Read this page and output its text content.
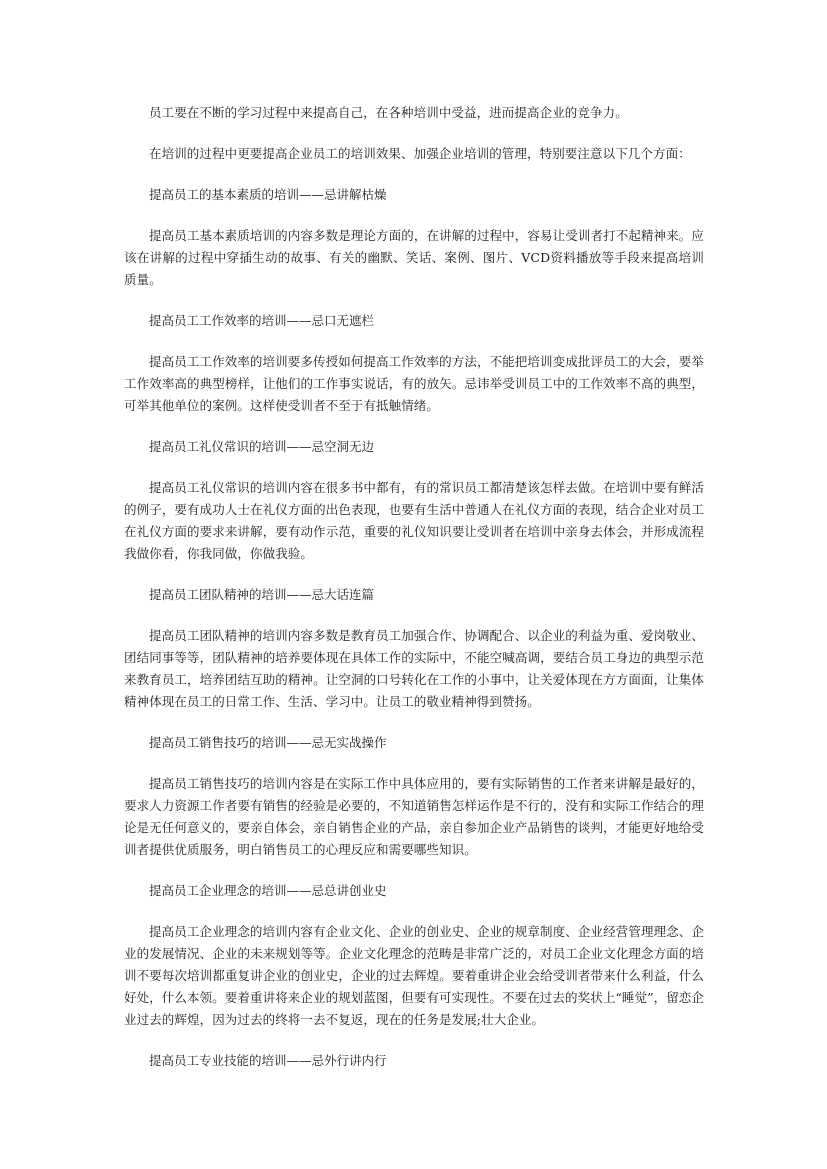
员工要在不断的学习过程中来提高自己，在各种培训中受益，进而提高企业的竞争力。

在培训的过程中更要提高企业员工的培训效果、加强企业培训的管理，特别要注意以下几个方面：

提高员工的基本素质的培训——忌讲解枯燥

提高员工基本素质培训的内容多数是理论方面的，在讲解的过程中，容易让受训者打不起精神来。应该在讲解的过程中穿插生动的故事、有关的幽默、笑话、案例、图片、VCD资料播放等手段来提高培训质量。

提高员工工作效率的培训——忌口无遮栏

提高员工工作效率的培训要多传授如何提高工作效率的方法，不能把培训变成批评员工的大会，要举工作效率高的典型榜样，让他们的工作事实说话，有的放矢。忌讳举受训员工中的工作效率不高的典型，可举其他单位的案例。这样使受训者不至于有抵触情绪。

提高员工礼仪常识的培训——忌空洞无边

提高员工礼仪常识的培训内容在很多书中都有，有的常识员工都清楚该怎样去做。在培训中要有鲜活的例子，要有成功人士在礼仪方面的出色表现，也要有生活中普通人在礼仪方面的表现，结合企业对员工在礼仪方面的要求来讲解，要有动作示范，重要的礼仪知识要让受训者在培训中亲身去体会，并形成流程我做你看，你我同做，你做我验。

提高员工团队精神的培训——忌大话连篇

提高员工团队精神的培训内容多数是教育员工加强合作、协调配合、以企业的利益为重、爱岗敬业、团结同事等等，团队精神的培养要体现在具体工作的实际中，不能空喊高调，要结合员工身边的典型示范来教育员工，培养团结互助的精神。让空洞的口号转化在工作的小事中，让关爱体现在方方面面，让集体精神体现在员工的日常工作、生活、学习中。让员工的敬业精神得到赞扬。

提高员工销售技巧的培训——忌无实战操作

提高员工销售技巧的培训内容是在实际工作中具体应用的，要有实际销售的工作者来讲解是最好的，要求人力资源工作者要有销售的经验是必要的，不知道销售怎样运作是不行的，没有和实际工作结合的理论是无任何意义的，要亲自体会，亲自销售企业的产品，亲自参加企业产品销售的谈判，才能更好地给受训者提供优质服务，明白销售员工的心理反应和需要哪些知识。

提高员工企业理念的培训——忌总讲创业史

提高员工企业理念的培训内容有企业文化、企业的创业史、企业的规章制度、企业经营管理理念、企业的发展情况、企业的未来规划等等。企业文化理念的范畴是非常广泛的，对员工企业文化理念方面的培训不要每次培训都重复讲企业的创业史，企业的过去辉煌。要着重讲企业会给受训者带来什么利益，什么好处，什么本领。要着重讲将来企业的规划蓝图，但要有可实现性。不要在过去的奖状上“睡觉”，留恋企业过去的辉煌，因为过去的终将一去不复返，现在的任务是发展;壮大企业。

提高员工专业技能的培训——忌外行讲内行
